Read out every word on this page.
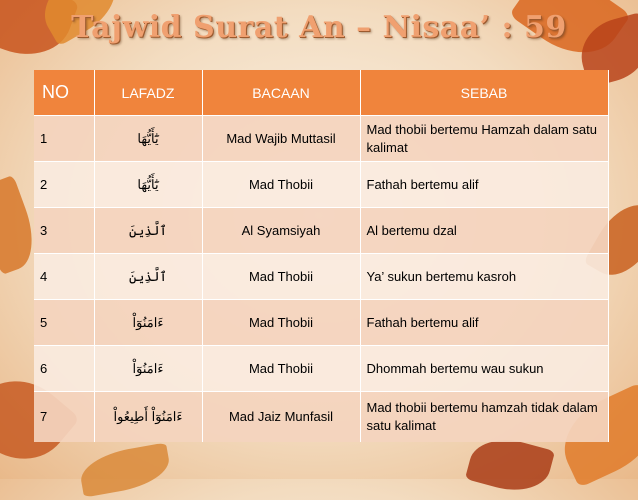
Tajwid Surat An – Nisaa’ : 59
NO	LAFADZ	BACAAN	SEBAB
1	يَٰٓأَيُّهَا	Mad Wajib Muttasil	Mad thobii bertemu Hamzah dalam satu kalimat
2	يَٰٓأَيُّهَا	Mad Thobii	Fathah bertemu alif
3	ٱلَّذِينَ	Al Syamsiyah	Al bertemu dzal
4	ٱلَّذِينَ	Mad Thobii	Ya’ sukun bertemu kasroh
5	ءَامَنُوٓاْ	Mad Thobii	Fathah bertemu alif
6	ءَامَنُوٓاْ	Mad Thobii	Dhommah bertemu wau sukun
7	ءَامَنُوٓاْ أَطِيعُواْ	Mad Jaiz Munfasil	Mad thobii bertemu hamzah tidak dalam satu kalimat
